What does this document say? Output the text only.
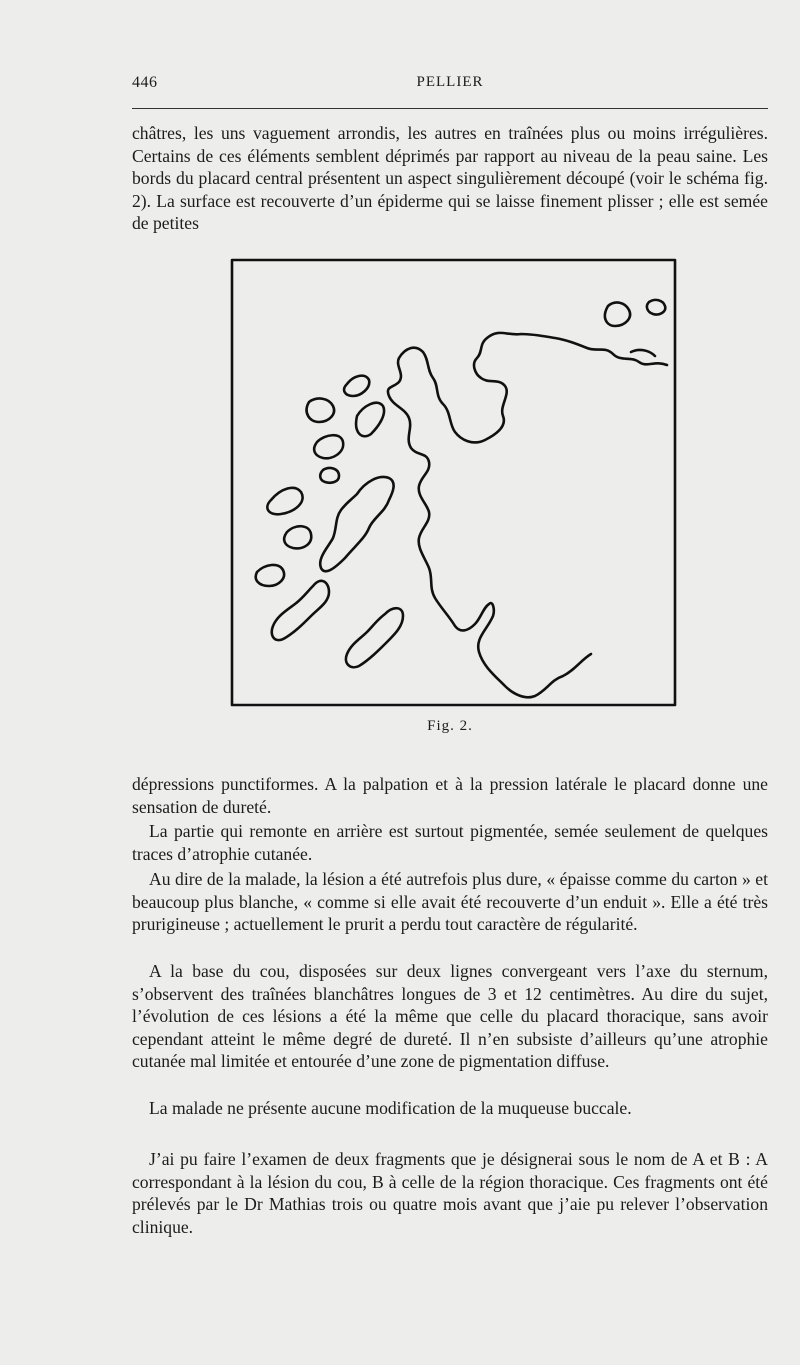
446	PELLIER

châtres, les uns vaguement arrondis, les autres en traînées plus ou moins irrégulières. Certains de ces éléments semblent déprimés par rapport au niveau de la peau saine. Les bords du placard central présentent un aspect singulièrement découpé (voir le schéma fig. 2). La surface est recouverte d’un épiderme qui se laisse finement plisser ; elle est semée de petites

Fig. 2.

dépressions punctiformes. A la palpation et à la pression latérale le placard donne une sensation de dureté.

La partie qui remonte en arrière est surtout pigmentée, semée seulement de quelques traces d’atrophie cutanée.

Au dire de la malade, la lésion a été autrefois plus dure, « épaisse comme du carton » et beaucoup plus blanche, « comme si elle avait été recouverte d’un enduit ». Elle a été très prurigineuse ; actuellement le prurit a perdu tout caractère de régularité.

A la base du cou, disposées sur deux lignes convergeant vers l’axe du sternum, s’observent des traînées blanchâtres longues de 3 et 12 centimètres. Au dire du sujet, l’évolution de ces lésions a été la même que celle du placard thoracique, sans avoir cependant atteint le même degré de dureté. Il n’en subsiste d’ailleurs qu’une atrophie cutanée mal limitée et entourée d’une zone de pigmentation diffuse.

La malade ne présente aucune modification de la muqueuse buccale.

J’ai pu faire l’examen de deux fragments que je désignerai sous le nom de A et B : A correspondant à la lésion du cou, B à celle de la région thoracique. Ces fragments ont été prélevés par le Dr Mathias trois ou quatre mois avant que j’aie pu relever l’observation clinique.
